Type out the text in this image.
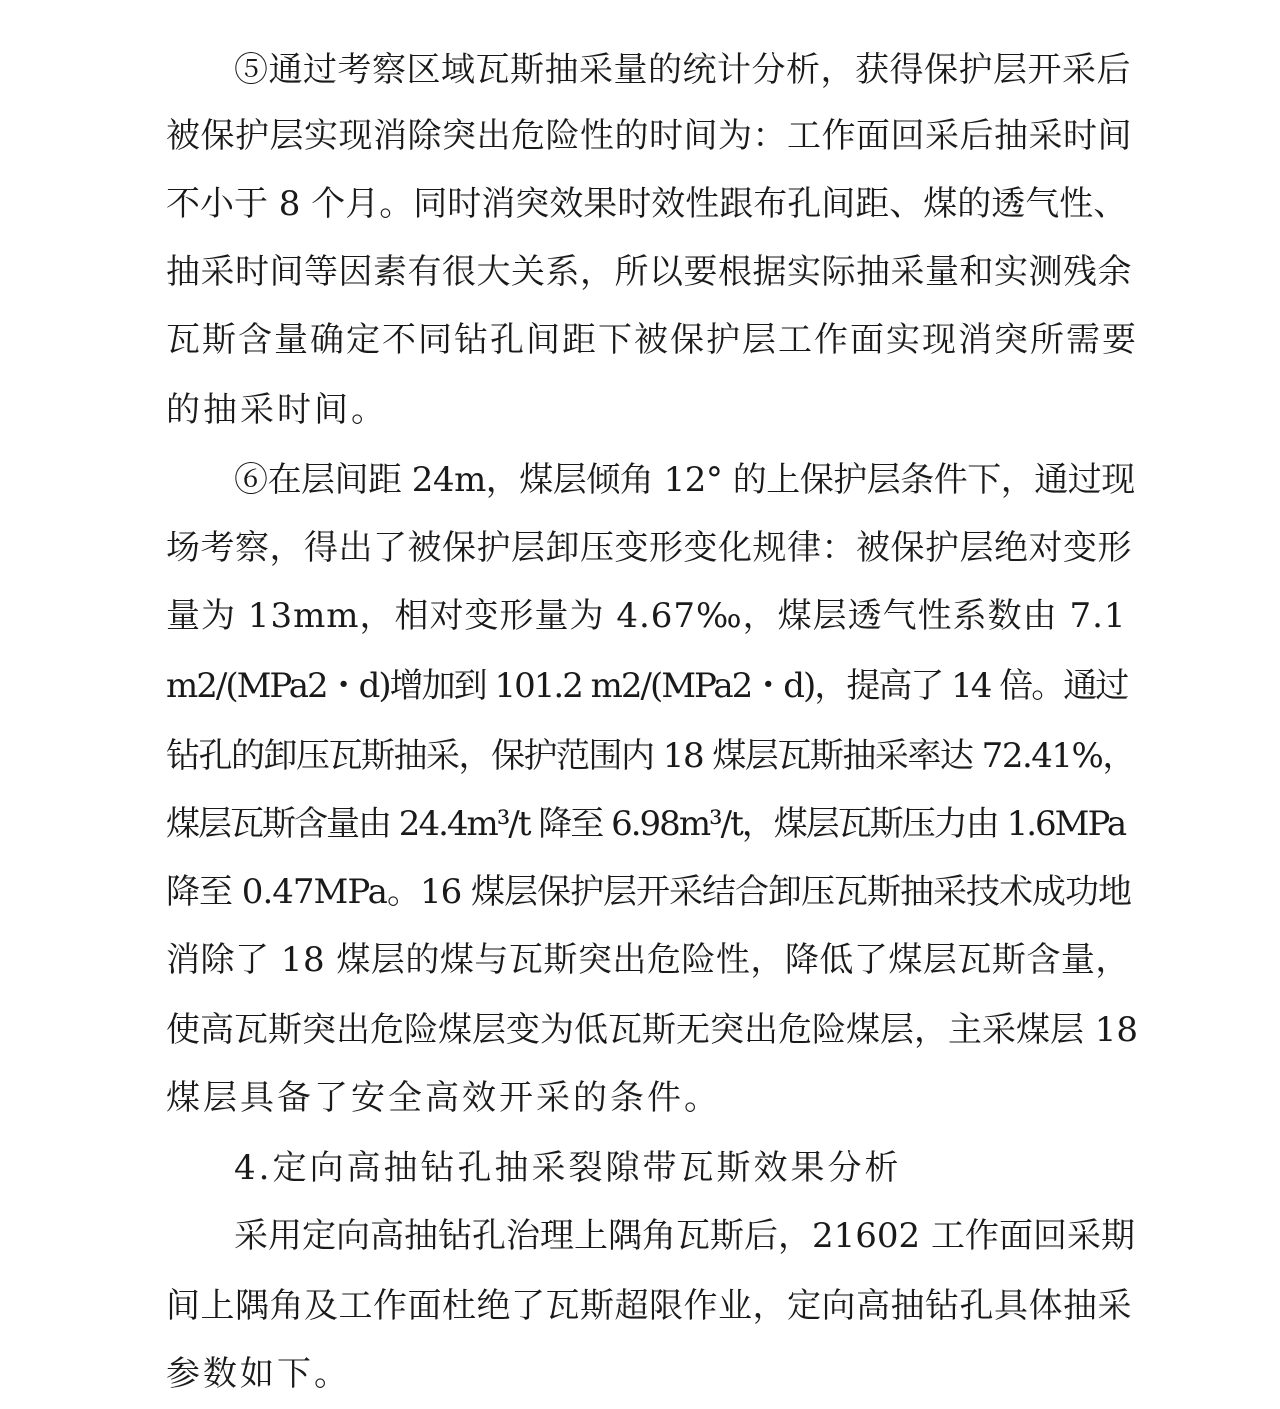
⑤通过考察区域瓦斯抽采量的统计分析，获得保护层开采后
被保护层实现消除突出危险性的时间为：工作面回采后抽采时间
不小于 8 个月。同时消突效果时效性跟布孔间距、煤的透气性、
抽采时间等因素有很大关系，所以要根据实际抽采量和实测残余
瓦斯含量确定不同钻孔间距下被保护层工作面实现消突所需要
的抽采时间。
⑥在层间距 24m，煤层倾角 12° 的上保护层条件下，通过现
场考察，得出了被保护层卸压变形变化规律：被保护层绝对变形
量为 13mm，相对变形量为 4.67‰，煤层透气性系数由 7.1
m2/(MPa2・d)增加到 101.2 m2/(MPa2・d)，提高了 14 倍。通过
钻孔的卸压瓦斯抽采，保护范围内 18 煤层瓦斯抽采率达 72.41%，
煤层瓦斯含量由 24.4m³/t 降至 6.98m³/t，煤层瓦斯压力由 1.6MPa
降至 0.47MPa。16 煤层保护层开采结合卸压瓦斯抽采技术成功地
消除了 18 煤层的煤与瓦斯突出危险性，降低了煤层瓦斯含量，
使高瓦斯突出危险煤层变为低瓦斯无突出危险煤层，主采煤层 18
煤层具备了安全高效开采的条件。
4.定向高抽钻孔抽采裂隙带瓦斯效果分析
采用定向高抽钻孔治理上隅角瓦斯后，21602 工作面回采期
间上隅角及工作面杜绝了瓦斯超限作业，定向高抽钻孔具体抽采
参数如下。
